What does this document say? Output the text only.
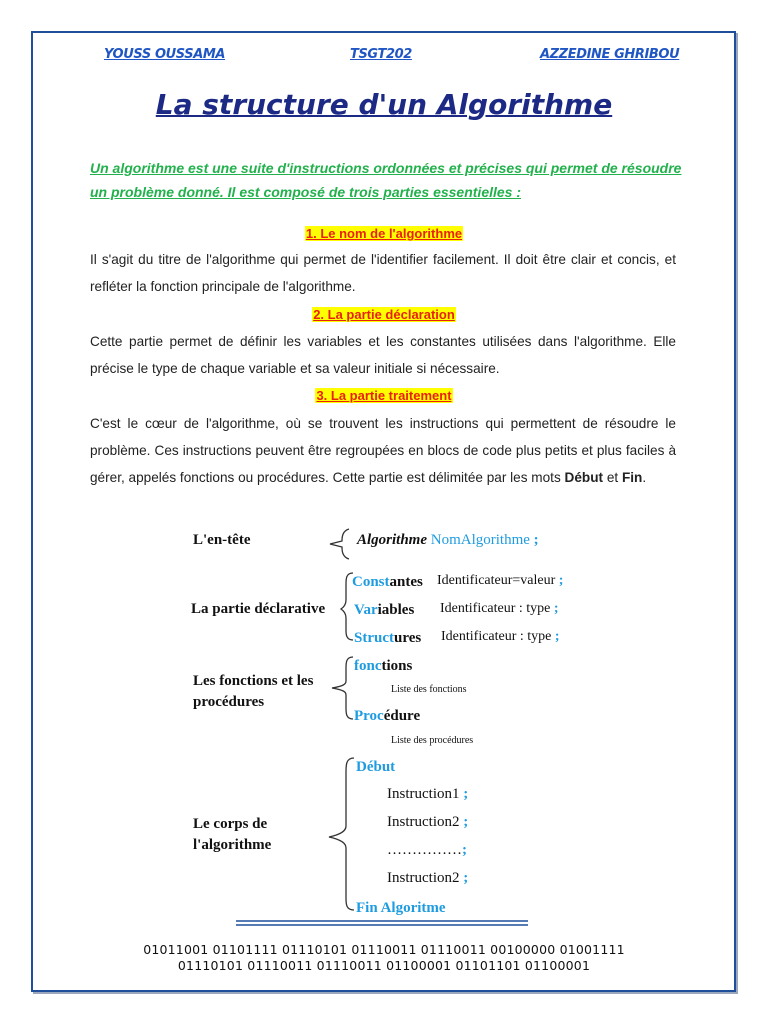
YOUSS OUSSAMA	TSGT202	AZZEDINE GHRIBOU
La structure d'un Algorithme
Un algorithme est une suite d'instructions ordonnées et précises qui permet de résoudre un problème donné. Il est composé de trois parties essentielles :
1. Le nom de l'algorithme
Il s'agit du titre de l'algorithme qui permet de l'identifier facilement. Il doit être clair et concis, et refléter la fonction principale de l'algorithme.
2. La partie déclaration
Cette partie permet de définir les variables et les constantes utilisées dans l'algorithme. Elle précise le type de chaque variable et sa valeur initiale si nécessaire.
3. La partie traitement
C'est le cœur de l'algorithme, où se trouvent les instructions qui permettent de résoudre le problème. Ces instructions peuvent être regroupées en blocs de code plus petits et plus faciles à gérer, appelés fonctions ou procédures. Cette partie est délimitée par les mots Début et Fin.
L'en-tête	Algorithme NomAlgorithme ;
La partie déclarative
Constantes Identificateur=valeur ;
Variables Identificateur : type ;
Structures Identificateur : type ;
Les fonctions et les
procédures
fonctions
Liste des fonctions
Procédure
Liste des procédures
Le corps de
l'algorithme
Début
Instruction1 ;
Instruction2 ;
……………;
Instruction2 ;
Fin Algoritme
01011001 01101111 01110101 01110011 01110011 00100000 01001111
01110101 01110011 01110011 01100001 01101101 01100001
